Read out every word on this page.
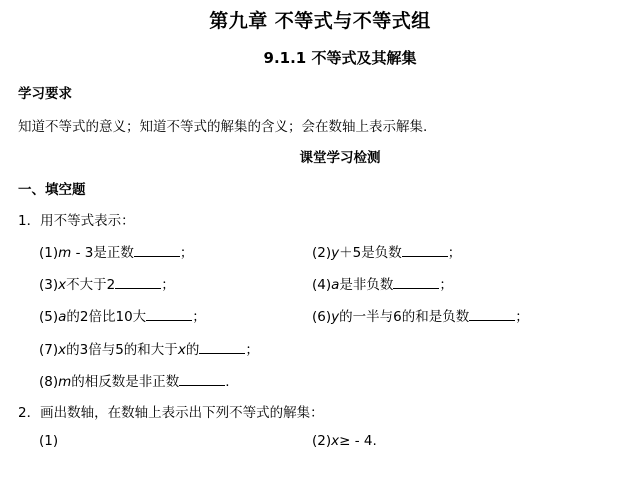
第九章 不等式与不等式组
9.1.1 不等式及其解集
学习要求
知道不等式的意义；知道不等式的解集的含义；会在数轴上表示解集.
课堂学习检测
一、填空题
1．用不等式表示：
(1)m - 3是正数	；	(2)y＋5是负数	；
(3)x不大于2	；	(4)a是非负数	；
(5)a的2倍比10大	；	(6)y的一半与6的和是负数	；
(7)x的3倍与5的和大于x的	；
(8)m的相反数是非正数	.
2．画出数轴，在数轴上表示出下列不等式的解集：
(1)	(2)x≥ - 4.
